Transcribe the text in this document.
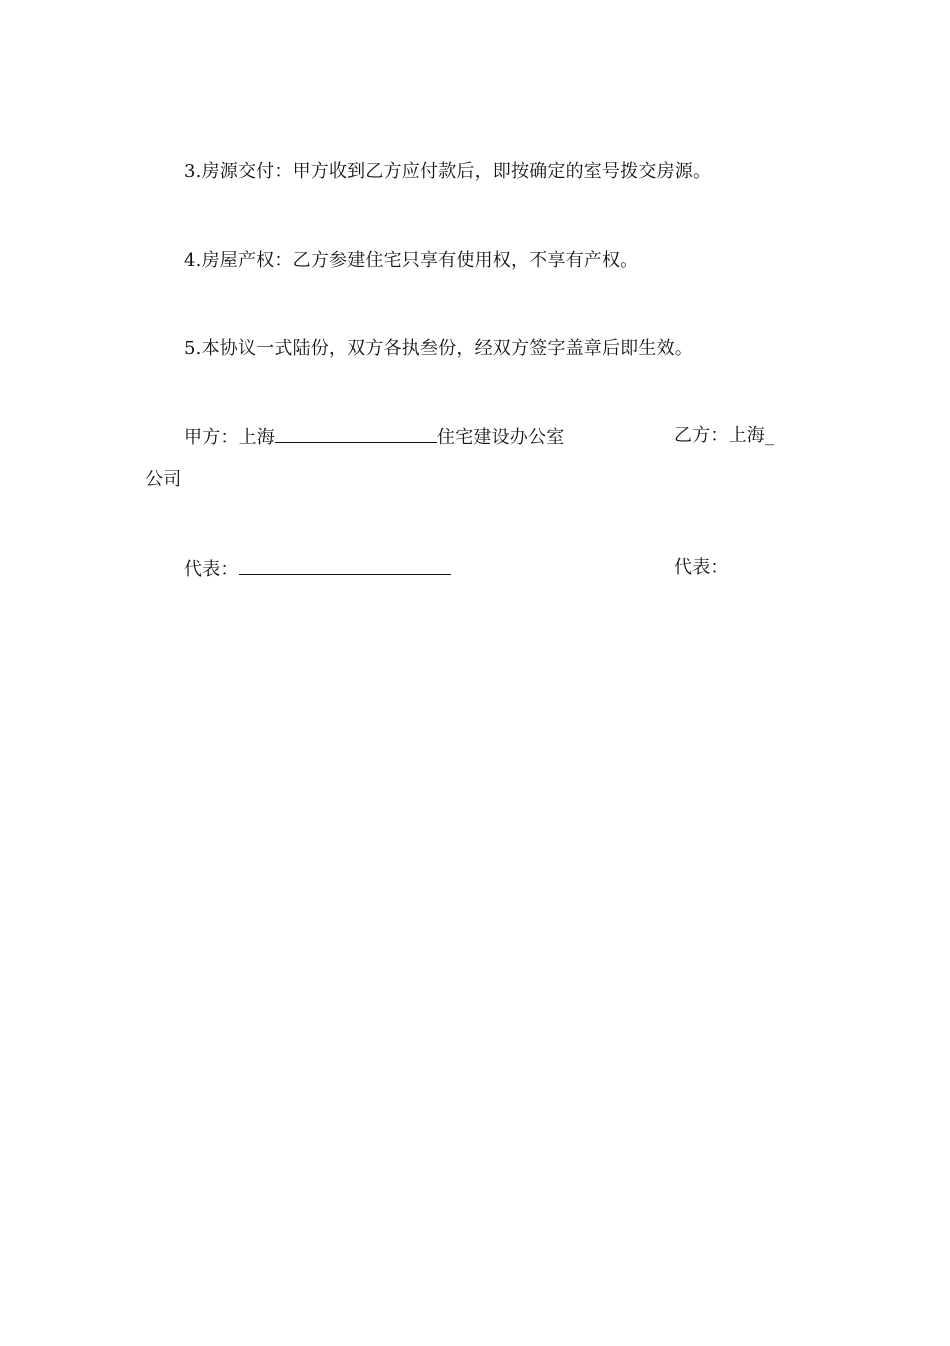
3.房源交付：甲方收到乙方应付款后，即按确定的室号拨交房源。
4.房屋产权：乙方参建住宅只享有使用权，不享有产权。
5.本协议一式陆份，双方各执叁份，经双方签字盖章后即生效。
甲方：上海	住宅建设办公室	乙方：上海_
公司
代表：	代表：
